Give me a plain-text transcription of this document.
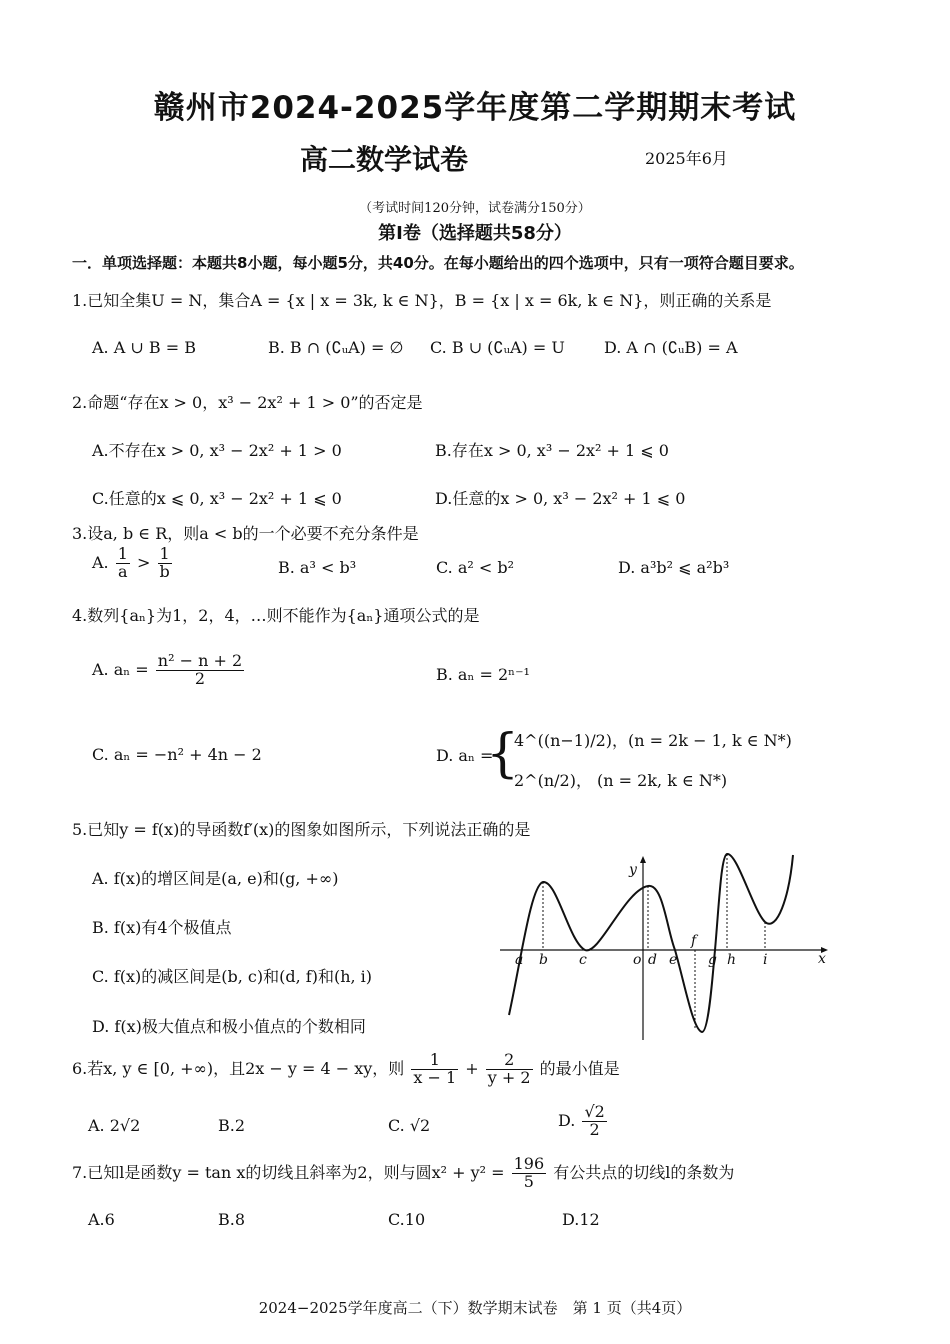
赣州市2024-2025学年度第二学期期末考试
高二数学试卷	2025年6月
（考试时间120分钟，试卷满分150分）
第I卷（选择题共58分）
一．单项选择题：本题共8小题，每小题5分，共40分。在每小题给出的四个选项中，只有一项符合题目要求。
1.已知全集U = N，集合A = {x | x = 3k, k ∈ N}，B = {x | x = 6k, k ∈ N}，则正确的关系是
A. A ∪ B = B	B. B ∩ (∁ᵤA) = ∅ C. B ∪ (∁ᵤA) = U D. A ∩ (∁ᵤB) = A
2.命题“存在x > 0，x³ − 2x² + 1 > 0”的否定是
A.不存在x > 0, x³ − 2x² + 1 > 0	B.存在x > 0, x³ − 2x² + 1 ⩽ 0
C.任意的x ⩽ 0, x³ − 2x² + 1 ⩽ 0	D.任意的x > 0, x³ − 2x² + 1 ⩽ 0
3.设a, b ∈ R，则a < b的一个必要不充分条件是
A. $\frac{1}{a} > \frac{1}{b}$	B. a³ < b³	C. a² < b²	D. a³b² ⩽ a²b³
4.数列{aₙ}为1，2，4，…则不能作为{aₙ}通项公式的是
A. $a_n = \frac{\text{n² − n + 2}}{2}$	B. aₙ = 2ⁿ⁻¹
C. aₙ = −n² + 4n − 2	D. aₙ =
{
4^((n−1)/2)，(n = 2k − 1, k ∈ N*)
2^(n/2)， (n = 2k, k ∈ N*)
5.已知y = f(x)的导函数f′(x)的图象如图所示，下列说法正确的是
A. f(x)的增区间是(a, e)和(g, +∞)
B. f(x)有4个极值点
C. f(x)的减区间是(b, c)和(d, f)和(h, i)
D. f(x)极大值点和极小值点的个数相同
x
y
o
a b c	d e
f
g h i
6.若x, y ∈ [0, +∞)，且2x − y = 4 − xy，则 $\frac{1}{x - 1} + \frac{2}{y + 2}$ 的最小值是
A. 2√2	B.2	C. √2	D. $\frac{√2}{2}$
7.已知l是函数y = tan x的切线且斜率为2，则与圆$x^2 + y^2 = \frac{196}{5}$ 有公共点的切线l的条数为
A.6	B.8	C.10	D.12
2024−2025学年度高二（下）数学期末试卷　第 1 页（共4页）
